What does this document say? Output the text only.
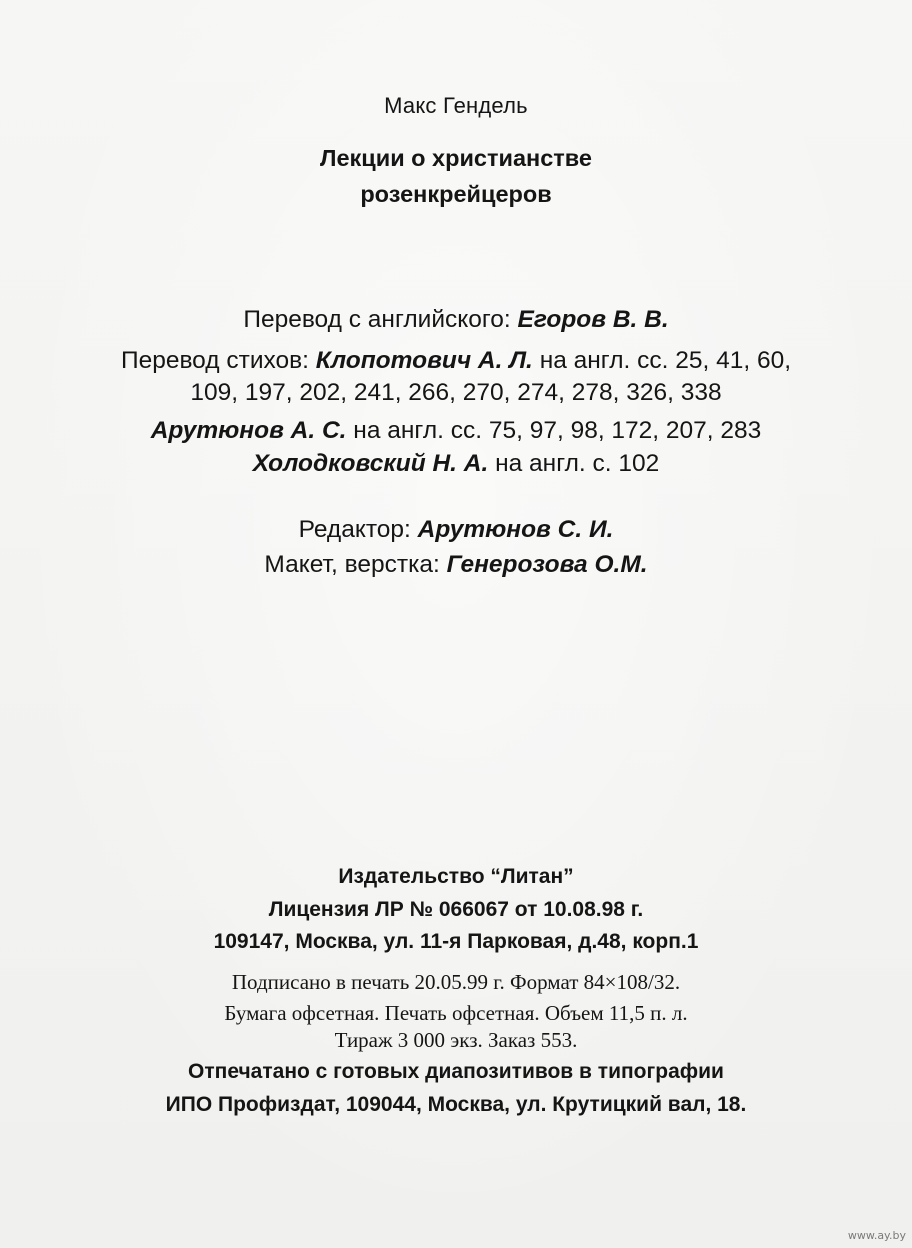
Макс Гендель
Лекции о христианстве
розенкрейцеров
Перевод с английского: Егоров В. В.
Перевод стихов: Клопотович А. Л. на англ. сс. 25, 41, 60,
109, 197, 202, 241, 266, 270, 274, 278, 326, 338
Арутюнов А. С. на англ. сс. 75, 97, 98, 172, 207, 283
Холодковский Н. А. на англ. с. 102
Редактор: Арутюнов С. И.
Макет, верстка: Генерозова О.М.
Издательство “Литан”
Лицензия ЛР № 066067 от 10.08.98 г.
109147, Москва, ул. 11-я Парковая, д.48, корп.1
Подписано в печать 20.05.99 г. Формат 84×108/32.
Бумага офсетная. Печать офсетная. Объем 11,5 п. л.
Тираж 3 000 экз. Заказ 553.
Отпечатано с готовых диапозитивов в типографии
ИПО Профиздат, 109044, Москва, ул. Крутицкий вал, 18.
www.ay.by
